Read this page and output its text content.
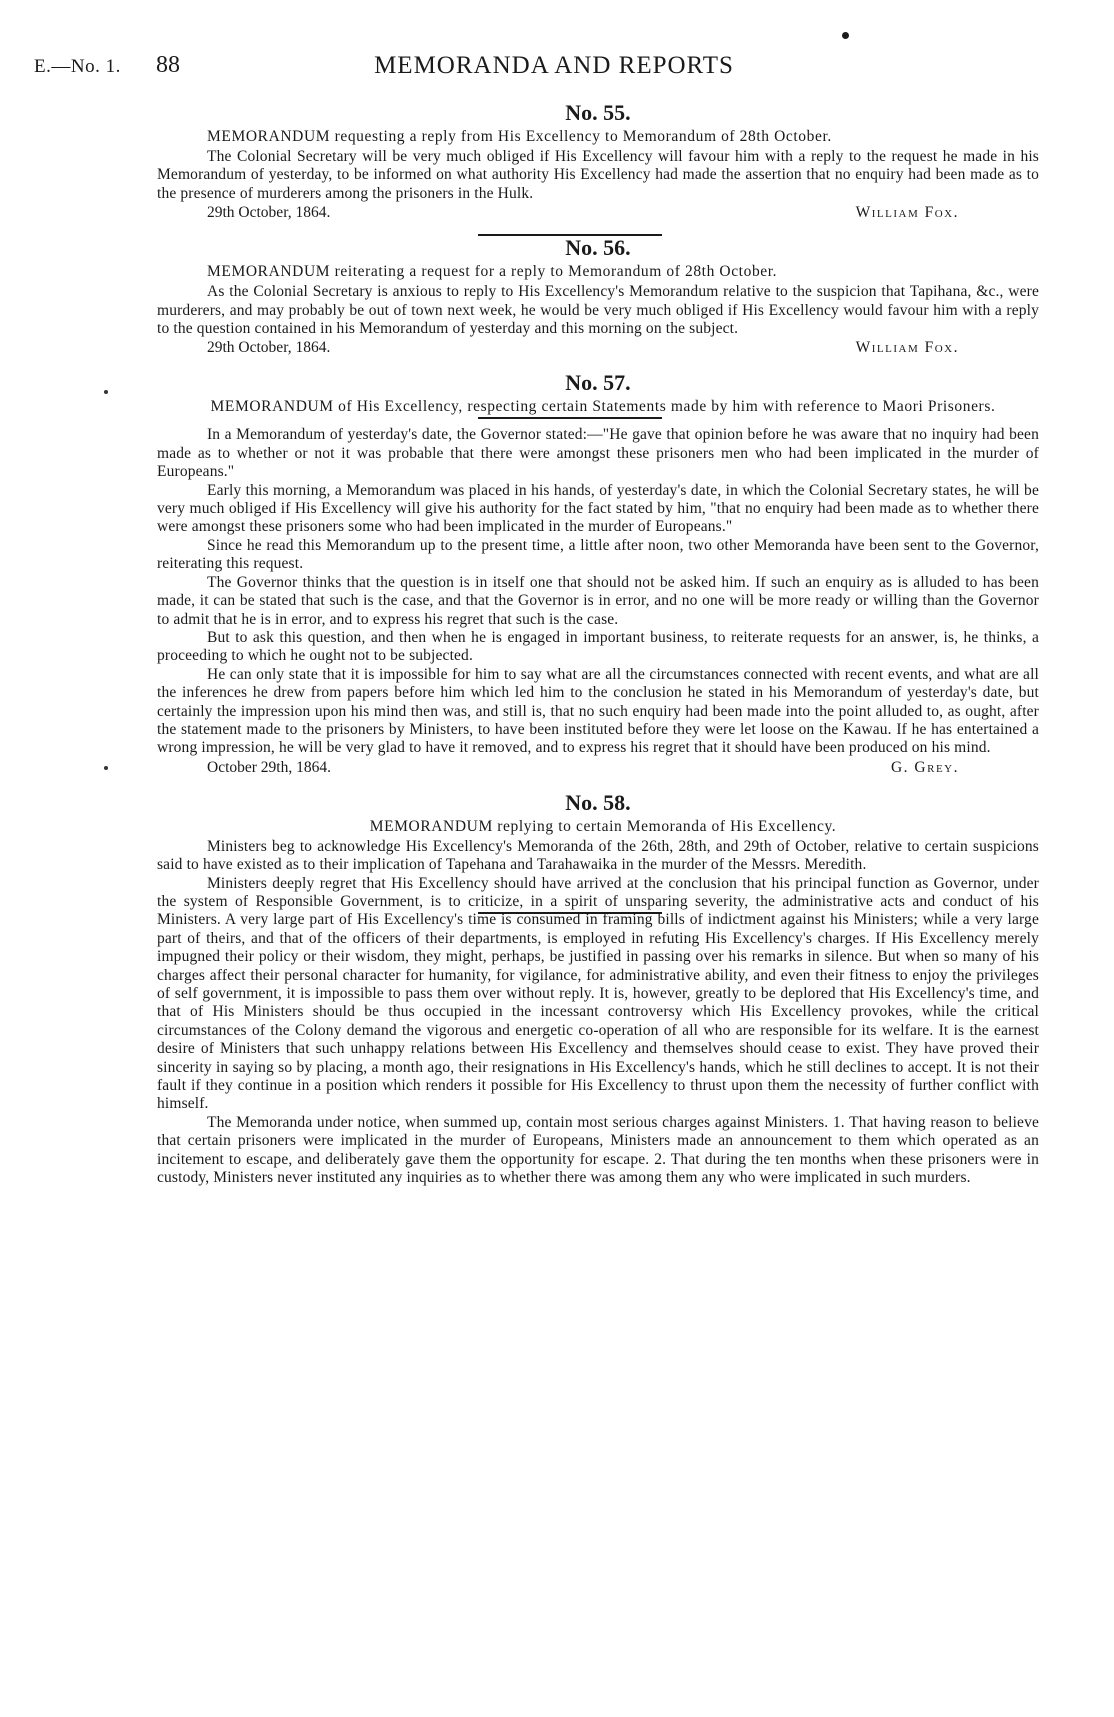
E.—No. 1. 88	MEMORANDA AND REPORTS
No. 55.

MEMORANDUM requesting a reply from His Excellency to Memorandum of 28th October.

The Colonial Secretary will be very much obliged if His Excellency will favour him with a reply to the request he made in his Memorandum of yesterday, to be informed on what authority His Excellency had made the assertion that no enquiry had been made as to the presence of murderers among the prisoners in the Hulk.

29th October, 1864.	William Fox.
No. 56.

MEMORANDUM reiterating a request for a reply to Memorandum of 28th October.

As the Colonial Secretary is anxious to reply to His Excellency's Memorandum relative to the suspicion that Tapihana, &c., were murderers, and may probably be out of town next week, he would be very much obliged if His Excellency would favour him with a reply to the question contained in his Memorandum of yesterday and this morning on the subject.

29th October, 1864.	William Fox.
No. 57.

MEMORANDUM of His Excellency, respecting certain Statements made by him with reference to Maori Prisoners.

In a Memorandum of yesterday's date, the Governor stated:—"He gave that opinion before he was aware that no inquiry had been made as to whether or not it was probable that there were amongst these prisoners men who had been implicated in the murder of Europeans."

Early this morning, a Memorandum was placed in his hands, of yesterday's date, in which the Colonial Secretary states, he will be very much obliged if His Excellency will give his authority for the fact stated by him, "that no enquiry had been made as to whether there were amongst these prisoners some who had been implicated in the murder of Europeans."

Since he read this Memorandum up to the present time, a little after noon, two other Memoranda have been sent to the Governor, reiterating this request.

The Governor thinks that the question is in itself one that should not be asked him. If such an enquiry as is alluded to has been made, it can be stated that such is the case, and that the Governor is in error, and no one will be more ready or willing than the Governor to admit that he is in error, and to express his regret that such is the case.

But to ask this question, and then when he is engaged in important business, to reiterate requests for an answer, is, he thinks, a proceeding to which he ought not to be subjected.

He can only state that it is impossible for him to say what are all the circumstances connected with recent events, and what are all the inferences he drew from papers before him which led him to the conclusion he stated in his Memorandum of yesterday's date, but certainly the impression upon his mind then was, and still is, that no such enquiry had been made into the point alluded to, as ought, after the statement made to the prisoners by Ministers, to have been instituted before they were let loose on the Kawau. If he has entertained a wrong impression, he will be very glad to have it removed, and to express his regret that it should have been produced on his mind.

October 29th, 1864.	G. Grey.
No. 58.

MEMORANDUM replying to certain Memoranda of His Excellency.

Ministers beg to acknowledge His Excellency's Memoranda of the 26th, 28th, and 29th of October, relative to certain suspicions said to have existed as to their implication of Tapehana and Tarahawaika in the murder of the Messrs. Meredith.

Ministers deeply regret that His Excellency should have arrived at the conclusion that his principal function as Governor, under the system of Responsible Government, is to criticize, in a spirit of unsparing severity, the administrative acts and conduct of his Ministers. A very large part of His Excellency's time is consumed in framing bills of indictment against his Ministers; while a very large part of theirs, and that of the officers of their departments, is employed in refuting His Excellency's charges. If His Excellency merely impugned their policy or their wisdom, they might, perhaps, be justified in passing over his remarks in silence. But when so many of his charges affect their personal character for humanity, for vigilance, for administrative ability, and even their fitness to enjoy the privileges of self government, it is impossible to pass them over without reply. It is, however, greatly to be deplored that His Excellency's time, and that of His Ministers should be thus occupied in the incessant controversy which His Excellency provokes, while the critical circumstances of the Colony demand the vigorous and energetic co-operation of all who are responsible for its welfare. It is the earnest desire of Ministers that such unhappy relations between His Excellency and themselves should cease to exist. They have proved their sincerity in saying so by placing, a month ago, their resignations in His Excellency's hands, which he still declines to accept. It is not their fault if they continue in a position which renders it possible for His Excellency to thrust upon them the necessity of further conflict with himself.

The Memoranda under notice, when summed up, contain most serious charges against Ministers. 1. That having reason to believe that certain prisoners were implicated in the murder of Europeans, Ministers made an announcement to them which operated as an incitement to escape, and deliberately gave them the opportunity for escape. 2. That during the ten months when these prisoners were in custody, Ministers never instituted any inquiries as to whether there was among them any who were implicated in such murders.
